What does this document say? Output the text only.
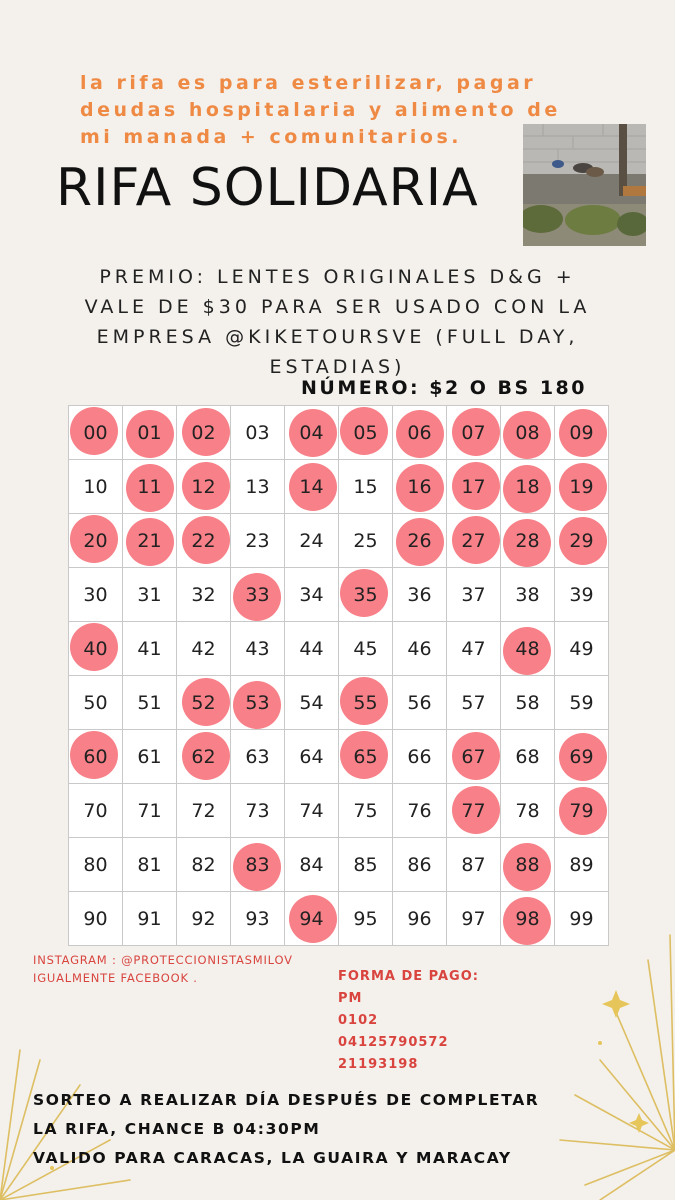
la rifa es para esterilizar, pagar
deudas hospitalaria y alimento de
mi manada + comunitarios.

RIFA SOLIDARIA

PREMIO: LENTES ORIGINALES D&G +
VALE DE $30 PARA SER USADO CON LA
EMPRESA @KIKETOURSVE (FULL DAY,
ESTADIAS)

NÚMERO: $2 O BS 180

00 01 02 03 04 05 06 07 08 09
10 11 12 13 14 15 16 17 18 19
20 21 22 23 24 25 26 27 28 29
30 31 32 33 34 35 36 37 38 39
40 41 42 43 44 45 46 47 48 49
50 51 52 53 54 55 56 57 58 59
60 61 62 63 64 65 66 67 68 69
70 71 72 73 74 75 76 77 78 79
80 81 82 83 84 85 86 87 88 89
90 91 92 93 94 95 96 97 98 99

INSTAGRAM : @PROTECCIONISTASMILOV
IGUALMENTE FACEBOOK .	FORMA DE PAGO:
PM
0102
04125790572
21193198

SORTEO A REALIZAR DÍA DESPUÉS DE COMPLETAR
LA RIFA, CHANCE B 04:30PM
VALIDO PARA CARACAS, LA GUAIRA Y MARACAY
